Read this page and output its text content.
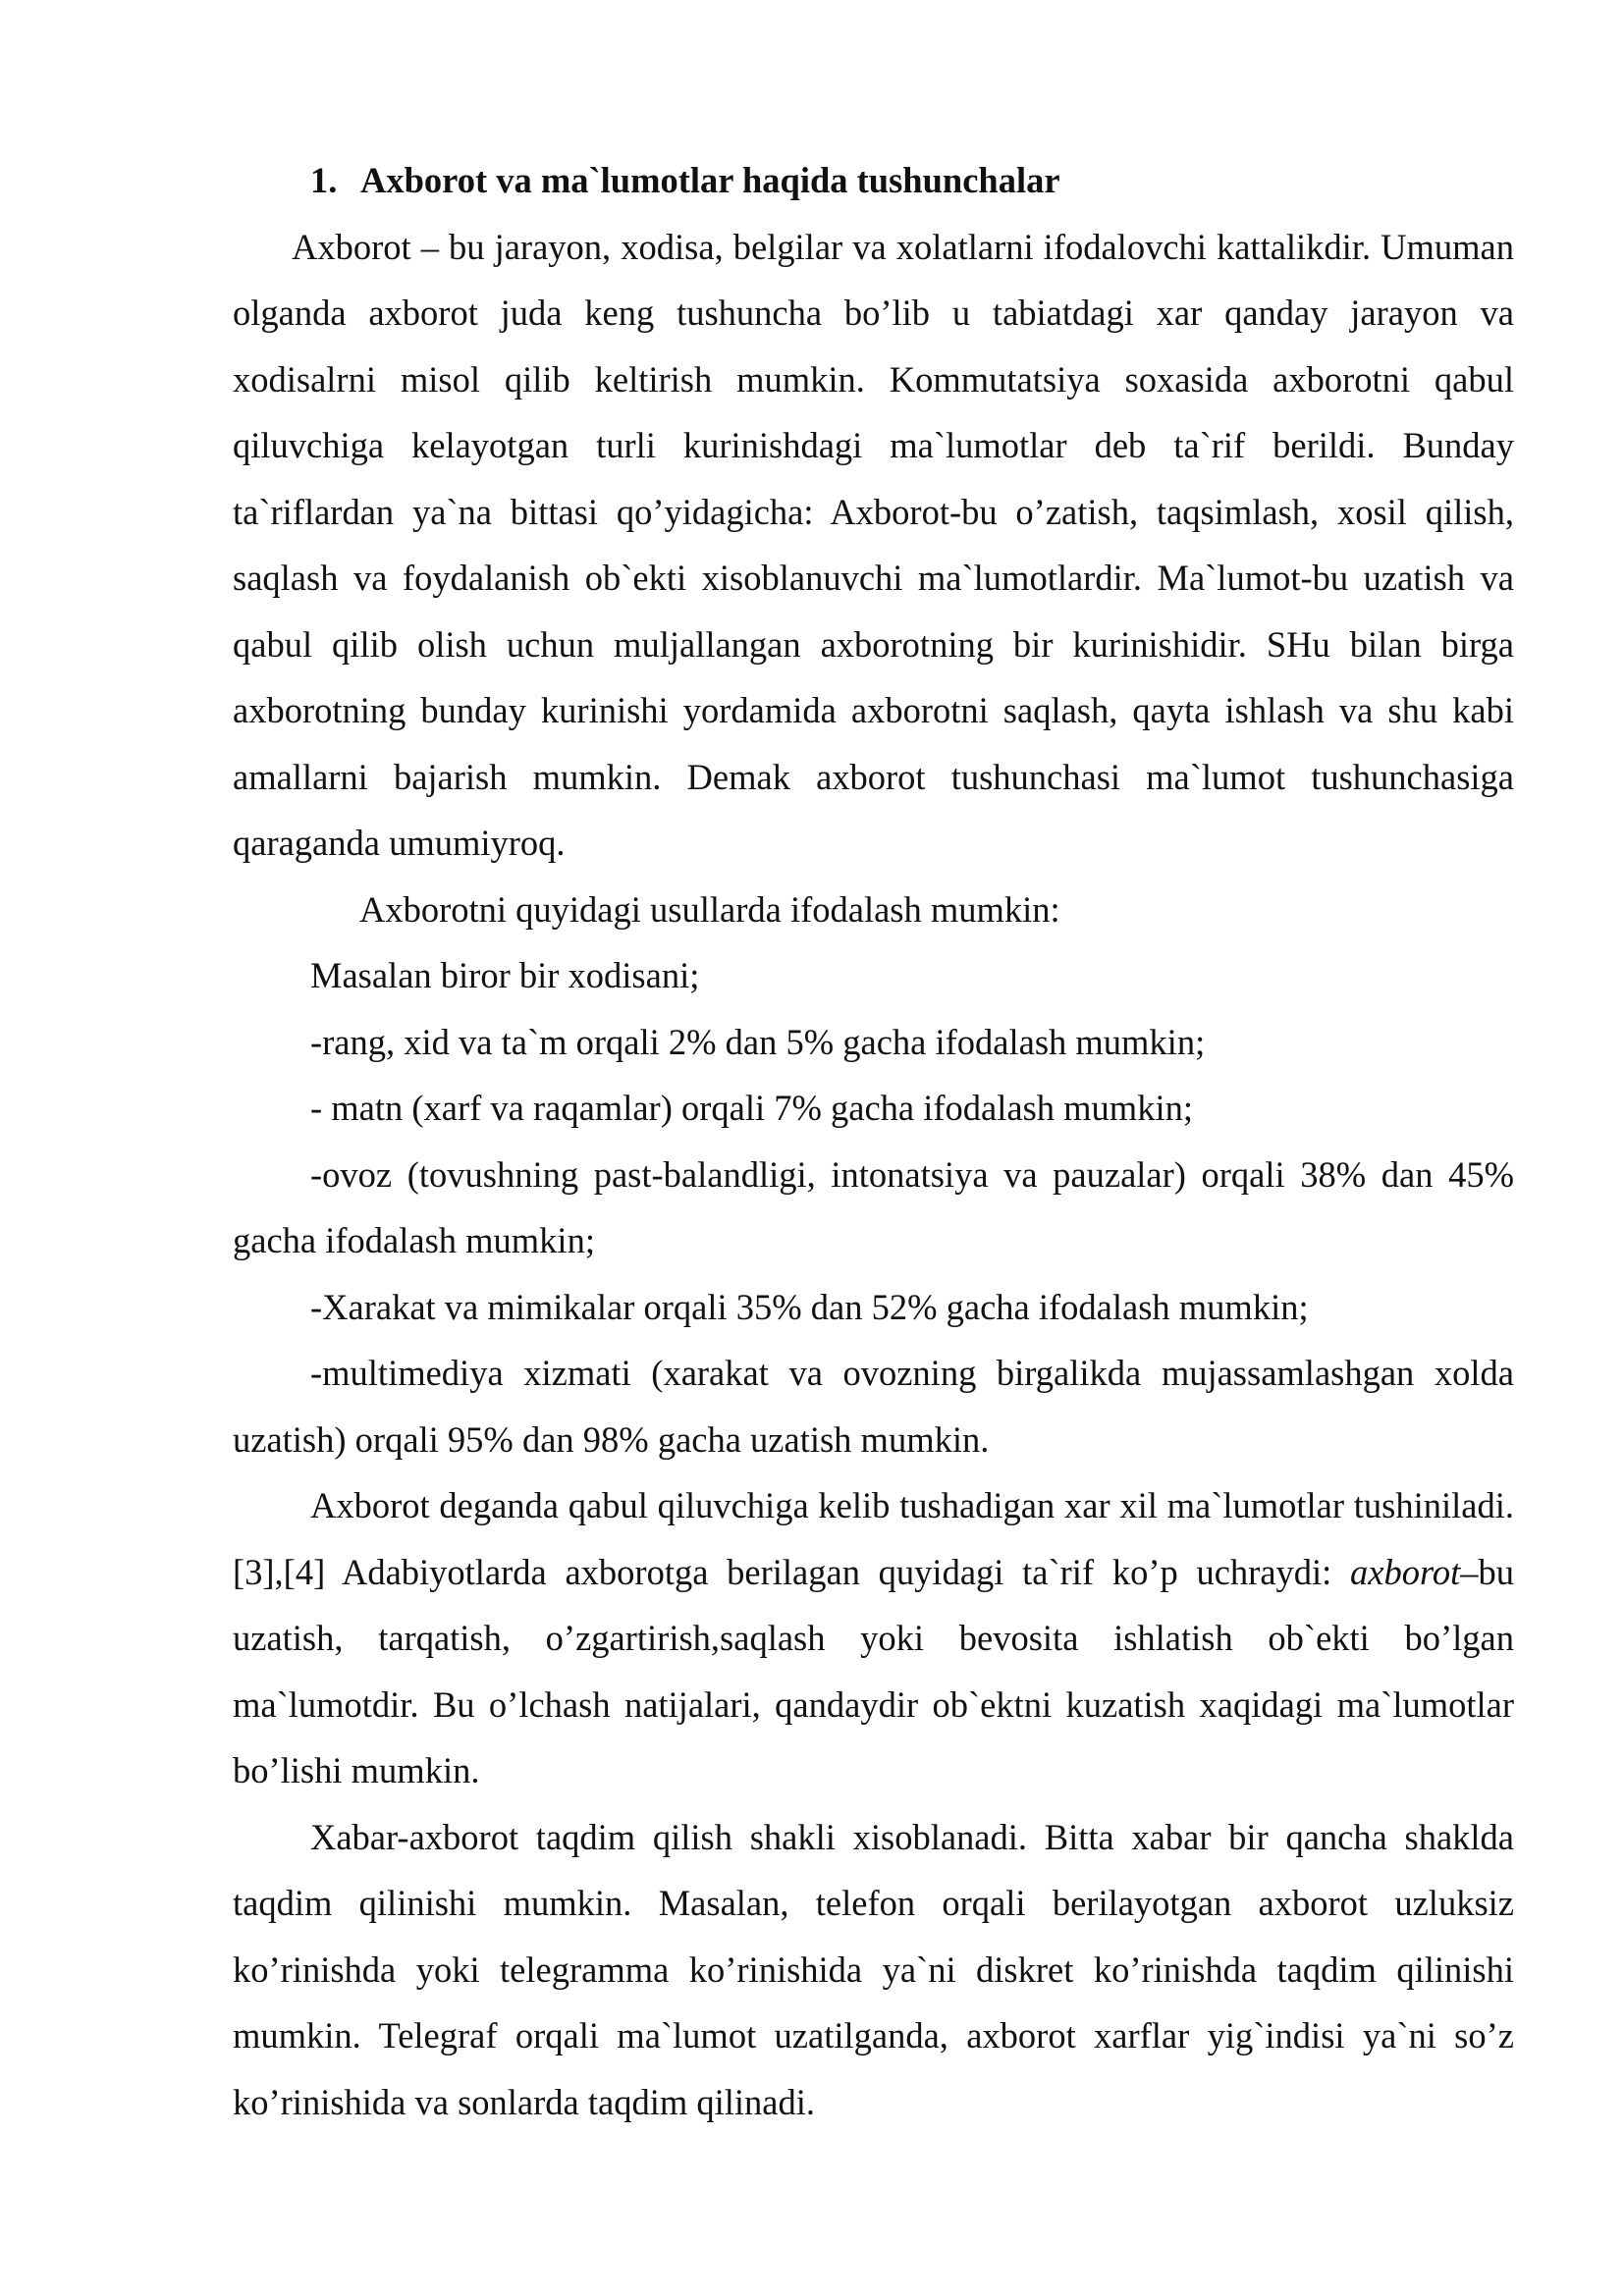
1. Axborot va ma`lumotlar haqida tushunchalar

Axborot – bu jarayon, xodisa, belgilar va xolatlarni ifodalovchi kattalikdir. Umuman olganda axborot juda keng tushuncha bo’lib u tabiatdagi xar qanday jarayon va xodisalrni misol qilib keltirish mumkin. Kommutatsiya soxasida axborotni qabul qiluvchiga kelayotgan turli kurinishdagi ma`lumotlar deb ta`rif berildi. Bunday ta`riflardan ya`na bittasi qo’yidagicha: Axborot-bu o’zatish, taqsimlash, xosil qilish, saqlash va foydalanish ob`ekti xisoblanuvchi ma`lumotlardir. Ma`lumot-bu uzatish va qabul qilib olish uchun muljallangan axborotning bir kurinishidir. SHu bilan birga axborotning bunday kurinishi yordamida axborotni saqlash, qayta ishlash va shu kabi amallarni bajarish mumkin. Demak axborot tushunchasi ma`lumot tushunchasiga qaraganda umumiyroq.

Axborotni quyidagi usullarda ifodalash mumkin:

Masalan biror bir xodisani;

-rang, xid va ta`m orqali 2% dan 5% gacha ifodalash mumkin;

- matn (xarf va raqamlar) orqali 7% gacha ifodalash mumkin;

-ovoz (tovushning past-balandligi, intonatsiya va pauzalar) orqali 38% dan 45% gacha ifodalash mumkin;

-Xarakat va mimikalar orqali 35% dan 52% gacha ifodalash mumkin;

-multimediya xizmati (xarakat va ovozning birgalikda mujassamlashgan xolda uzatish) orqali 95% dan 98% gacha uzatish mumkin.

Axborot deganda qabul qiluvchiga kelib tushadigan xar xil ma`lumotlar tushiniladi.[3],[4] Adabiyotlarda axborotga berilagan quyidagi ta`rif ko’p uchraydi: axborot–bu uzatish, tarqatish, o’zgartirish,saqlash yoki bevosita ishlatish ob`ekti bo’lgan ma`lumotdir. Bu o’lchash natijalari, qandaydir ob`ektni kuzatish xaqidagi ma`lumotlar bo’lishi mumkin.

Xabar-axborot taqdim qilish shakli xisoblanadi. Bitta xabar bir qancha shakldа taqdim qilinishi mumkin. Masalan, telefon orqali berilayotgan axborot uzluksiz ko’rinishda yoki telegramma ko’rinishida ya`ni diskret ko’rinishda taqdim qilinishi mumkin. Telegraf orqali ma`lumot uzatilganda, axborot xarflar yig`indisi ya`ni so’z ko’rinishida va sonlarda taqdim qilinadi.
